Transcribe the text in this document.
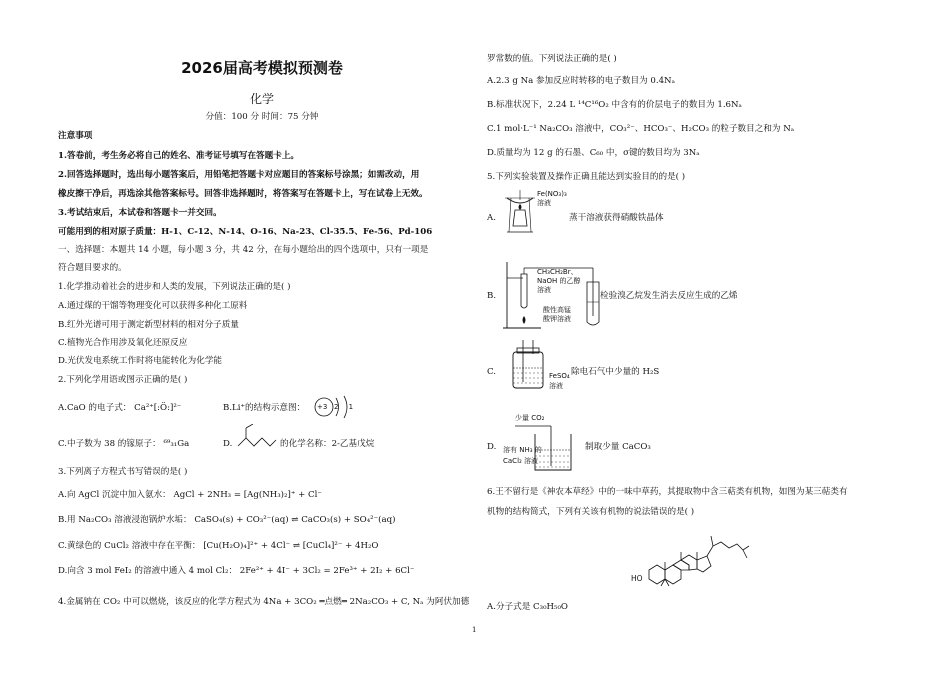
2026届高考模拟预测卷
化学
分值：100 分 时间：75 分钟
注意事项
1.答卷前，考生务必将自己的姓名、准考证号填写在答题卡上。
2.回答选择题时，选出每小题答案后，用铅笔把答题卡对应题目的答案标号涂黑；如需改动，用
橡皮擦干净后，再选涂其他答案标号。回答非选择题时，将答案写在答题卡上，写在试卷上无效。
3.考试结束后，本试卷和答题卡一并交回。
可能用到的相对原子质量：H-1、C-12、N-14、O-16、Na-23、Cl-35.5、Fe-56、Pd-106
一、选择题：本题共 14 小题，每小题 3 分，共 42 分，在每小题给出的四个选项中，只有一项是
符合题目要求的。
1.化学推动着社会的进步和人类的发展，下列说法正确的是( )
A.通过煤的干馏等物理变化可以获得多种化工原料
B.红外光谱可用于测定新型材料的相对分子质量
C.植物光合作用涉及氧化还原反应
D.光伏发电系统工作时将电能转化为化学能
2.下列化学用语或图示正确的是( )
A.CaO 的电子式： Ca²⁺[:Ö:]²⁻	B.Li⁺的结构示意图： +3 2 1
C.中子数为 38 的镓原子： ⁶⁹₃₁Ga	D.	的化学名称：2-乙基戊烷
3.下列离子方程式书写错误的是( )
A.向 AgCl 沉淀中加入氨水： AgCl + 2NH₃ = [Ag(NH₃)₂]⁺ + Cl⁻
B.用 Na₂CO₃ 溶液浸泡锅炉水垢： CaSO₄(s) + CO₃²⁻(aq) ⇌ CaCO₃(s) + SO₄²⁻(aq)
C.黄绿色的 CuCl₂ 溶液中存在平衡： [Cu(H₂O)₄]²⁺ + 4Cl⁻ ⇌ [CuCl₄]²⁻ + 4H₂O
D.向含 3 mol FeI₂ 的溶液中通入 4 mol Cl₂： 2Fe²⁺ + 4I⁻ + 3Cl₂ = 2Fe³⁺ + 2I₂ + 6Cl⁻
4.金属钠在 CO₂ 中可以燃烧，该反应的化学方程式为 4Na + 3CO₂ ═点燃═ 2Na₂CO₃ + C, Nₐ 为阿伏加德
罗常数的值。下列说法正确的是( )
A.2.3 g Na 参加反应时转移的电子数目为 0.4Nₐ
B.标准状况下，2.24 L ¹⁴C¹⁶O₂ 中含有的价层电子的数目为 1.6Nₐ
C.1 mol·L⁻¹ Na₂CO₃ 溶液中，CO₃²⁻、HCO₃⁻、H₂CO₃ 的粒子数目之和为 Nₐ
D.质量均为 12 g 的石墨、C₆₀ 中，σ键的数目均为 3Nₐ
5.下列实验装置及操作正确且能达到实验目的的是( )
A.
Fe(NO₃)₃
溶液
蒸干溶液获得硝酸铁晶体
B.
CH₃CH₂Br、
NaOH 的乙醇
溶液
酸性高锰
酸钾溶液
检验溴乙烷发生消去反应生成的乙烯
C.	FeSO₄
溶液
除电石气中少量的 H₂S
D.
少量 CO₂
溶有 NH₃ 的
CaCl₂ 溶液
制取少量 CaCO₃
6.王不留行是《神农本草经》中的一味中草药，其提取物中含三萜类有机物，如图为某三萜类有
机物的结构简式，下列有关该有机物的说法错误的是( )
HO
A.分子式是 C₃₀H₅₀O
1
